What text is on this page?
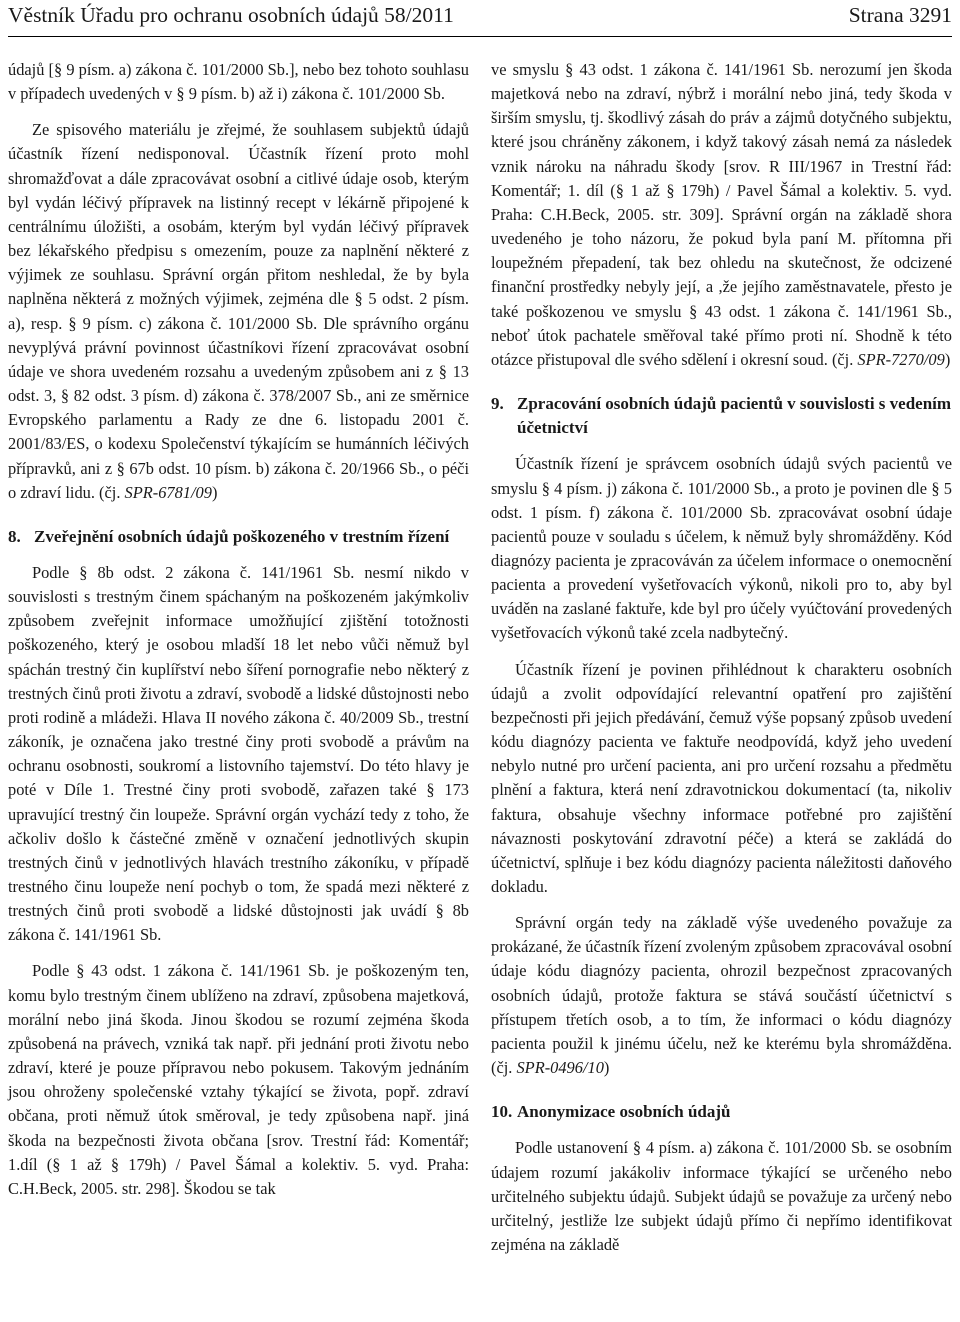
Věstník Úřadu pro ochranu osobních údajů 58/2011	Strana 3291

údajů [§ 9 písm. a) zákona č. 101/2000 Sb.], nebo bez tohoto souhlasu v případech uvedených v § 9 písm. b) až i) zákona č. 101/2000 Sb.

Ze spisového materiálu je zřejmé, že souhlasem subjektů údajů účastník řízení nedisponoval. Účastník řízení proto mohl shromažďovat a dále zpracovávat osobní a citlivé údaje osob, kterým byl vydán léčivý přípravek na listinný recept v lékárně připojené k centrálnímu úložišti, a osobám, kterým byl vydán léčivý přípravek bez lékařského předpisu s omezením, pouze za naplnění některé z výjimek ze souhlasu. Správní orgán přitom neshledal, že by byla naplněna některá z možných výjimek, zejména dle § 5 odst. 2 písm. a), resp. § 9 písm. c) zákona č. 101/2000 Sb. Dle správního orgánu nevyplývá právní povinnost účastníkovi řízení zpracovávat osobní údaje ve shora uvedeném rozsahu a uvedeným způsobem ani z § 13 odst. 3, § 82 odst. 3 písm. d) zákona č. 378/2007 Sb., ani ze směrnice Evropského parlamentu a Rady ze dne 6. listopadu 2001 č. 2001/83/ES, o kodexu Společenství týkajícím se humánních léčivých přípravků, ani z § 67b odst. 10 písm. b) zákona č. 20/1966 Sb., o péči o zdraví lidu. (čj. SPR-6781/09)

8. Zveřejnění osobních údajů poškozeného v trestním řízení

Podle § 8b odst. 2 zákona č. 141/1961 Sb. nesmí nikdo v souvislosti s trestným činem spáchaným na poškozeném jakýmkoliv způsobem zveřejnit informace umožňující zjištění totožnosti poškozeného, který je osobou mladší 18 let nebo vůči němuž byl spáchán trestný čin kuplířství nebo šíření pornografie nebo některý z trestných činů proti životu a zdraví, svobodě a lidské důstojnosti nebo proti rodině a mládeži. Hlava II nového zákona č. 40/2009 Sb., trestní zákoník, je označena jako trestné činy proti svobodě a právům na ochranu osobnosti, soukromí a listovního tajemství. Do této hlavy je poté v Díle 1. Trestné činy proti svobodě, zařazen také § 173 upravující trestný čin loupeže. Správní orgán vychází tedy z toho, že ačkoliv došlo k částečné změně v označení jednotlivých skupin trestných činů v jednotlivých hlavách trestního zákoníku, v případě trestného činu loupeže není pochyb o tom, že spadá mezi některé z trestných činů proti svobodě a lidské důstojnosti jak uvádí § 8b zákona č. 141/1961 Sb.

Podle § 43 odst. 1 zákona č. 141/1961 Sb. je poškozeným ten, komu bylo trestným činem ublíženo na zdraví, způsobena majetková, morální nebo jiná škoda. Jinou škodou se rozumí zejména škoda způsobená na právech, vzniká tak např. při jednání proti životu nebo zdraví, které je pouze přípravou nebo pokusem. Takovým jednáním jsou ohroženy společenské vztahy týkající se života, popř. zdraví občana, proti němuž útok směroval, je tedy způsobena např. jiná škoda na bezpečnosti života občana [srov. Trestní řád: Komentář; 1.díl (§ 1 až § 179h) / Pavel Šámal a kolektiv. 5. vyd. Praha: C.H.Beck, 2005. str. 298]. Škodou se tak

ve smyslu § 43 odst. 1 zákona č. 141/1961 Sb. nerozumí jen škoda majetková nebo na zdraví, nýbrž i morální nebo jiná, tedy škoda v širším smyslu, tj. škodlivý zásah do práv a zájmů dotyčného subjektu, které jsou chráněny zákonem, i když takový zásah nemá za následek vznik nároku na náhradu škody [srov. R III/1967 in Trestní řád: Komentář; 1. díl (§ 1 až § 179h) / Pavel Šámal a kolektiv. 5. vyd. Praha: C.H.Beck, 2005. str. 309]. Správní orgán na základě shora uvedeného je toho názoru, že pokud byla paní M. přítomna při loupežném přepadení, tak bez ohledu na skutečnost, že odcizené finanční prostředky nebyly její, a ,že jejího zaměstnavatele, přesto je také poškozenou ve smyslu § 43 odst. 1 zákona č. 141/1961 Sb., neboť útok pachatele směřoval také přímo proti ní. Shodně k této otázce přistupoval dle svého sdělení i okresní soud. (čj. SPR-7270/09)

9. Zpracování osobních údajů pacientů v souvislosti s vedením účetnictví

Účastník řízení je správcem osobních údajů svých pacientů ve smyslu § 4 písm. j) zákona č. 101/2000 Sb., a proto je povinen dle § 5 odst. 1 písm. f) zákona č. 101/2000 Sb. zpracovávat osobní údaje pacientů pouze v souladu s účelem, k němuž byly shromážděny. Kód diagnózy pacienta je zpracováván za účelem informace o onemocnění pacienta a provedení vyšetřovacích výkonů, nikoli pro to, aby byl uváděn na zaslané faktuře, kde byl pro účely vyúčtování provedených vyšetřovacích výkonů také zcela nadbytečný.

Účastník řízení je povinen přihlédnout k charakteru osobních údajů a zvolit odpovídající relevantní opatření pro zajištění bezpečnosti při jejich předávání, čemuž výše popsaný způsob uvedení kódu diagnózy pacienta ve faktuře neodpovídá, když jeho uvedení nebylo nutné pro určení pacienta, ani pro určení rozsahu a předmětu plnění a faktura, která není zdravotnickou dokumentací (ta, nikoliv faktura, obsahuje všechny informace potřebné pro zajištění návaznosti poskytování zdravotní péče) a která se zakládá do účetnictví, splňuje i bez kódu diagnózy pacienta náležitosti daňového dokladu.

Správní orgán tedy na základě výše uvedeného považuje za prokázané, že účastník řízení zvoleným způsobem zpracovával osobní údaje kódu diagnózy pacienta, ohrozil bezpečnost zpracovaných osobních údajů, protože faktura se stává součástí účetnictví s přístupem třetích osob, a to tím, že informaci o kódu diagnózy pacienta použil k jinému účelu, než ke kterému byla shromážděna. (čj. SPR-0496/10)

10. Anonymizace osobních údajů

Podle ustanovení § 4 písm. a) zákona č. 101/2000 Sb. se osobním údajem rozumí jakákoliv informace týkající se určeného nebo určitelného subjektu údajů. Subjekt údajů se považuje za určený nebo určitelný, jestliže lze subjekt údajů přímo či nepřímo identifikovat zejména na základě
